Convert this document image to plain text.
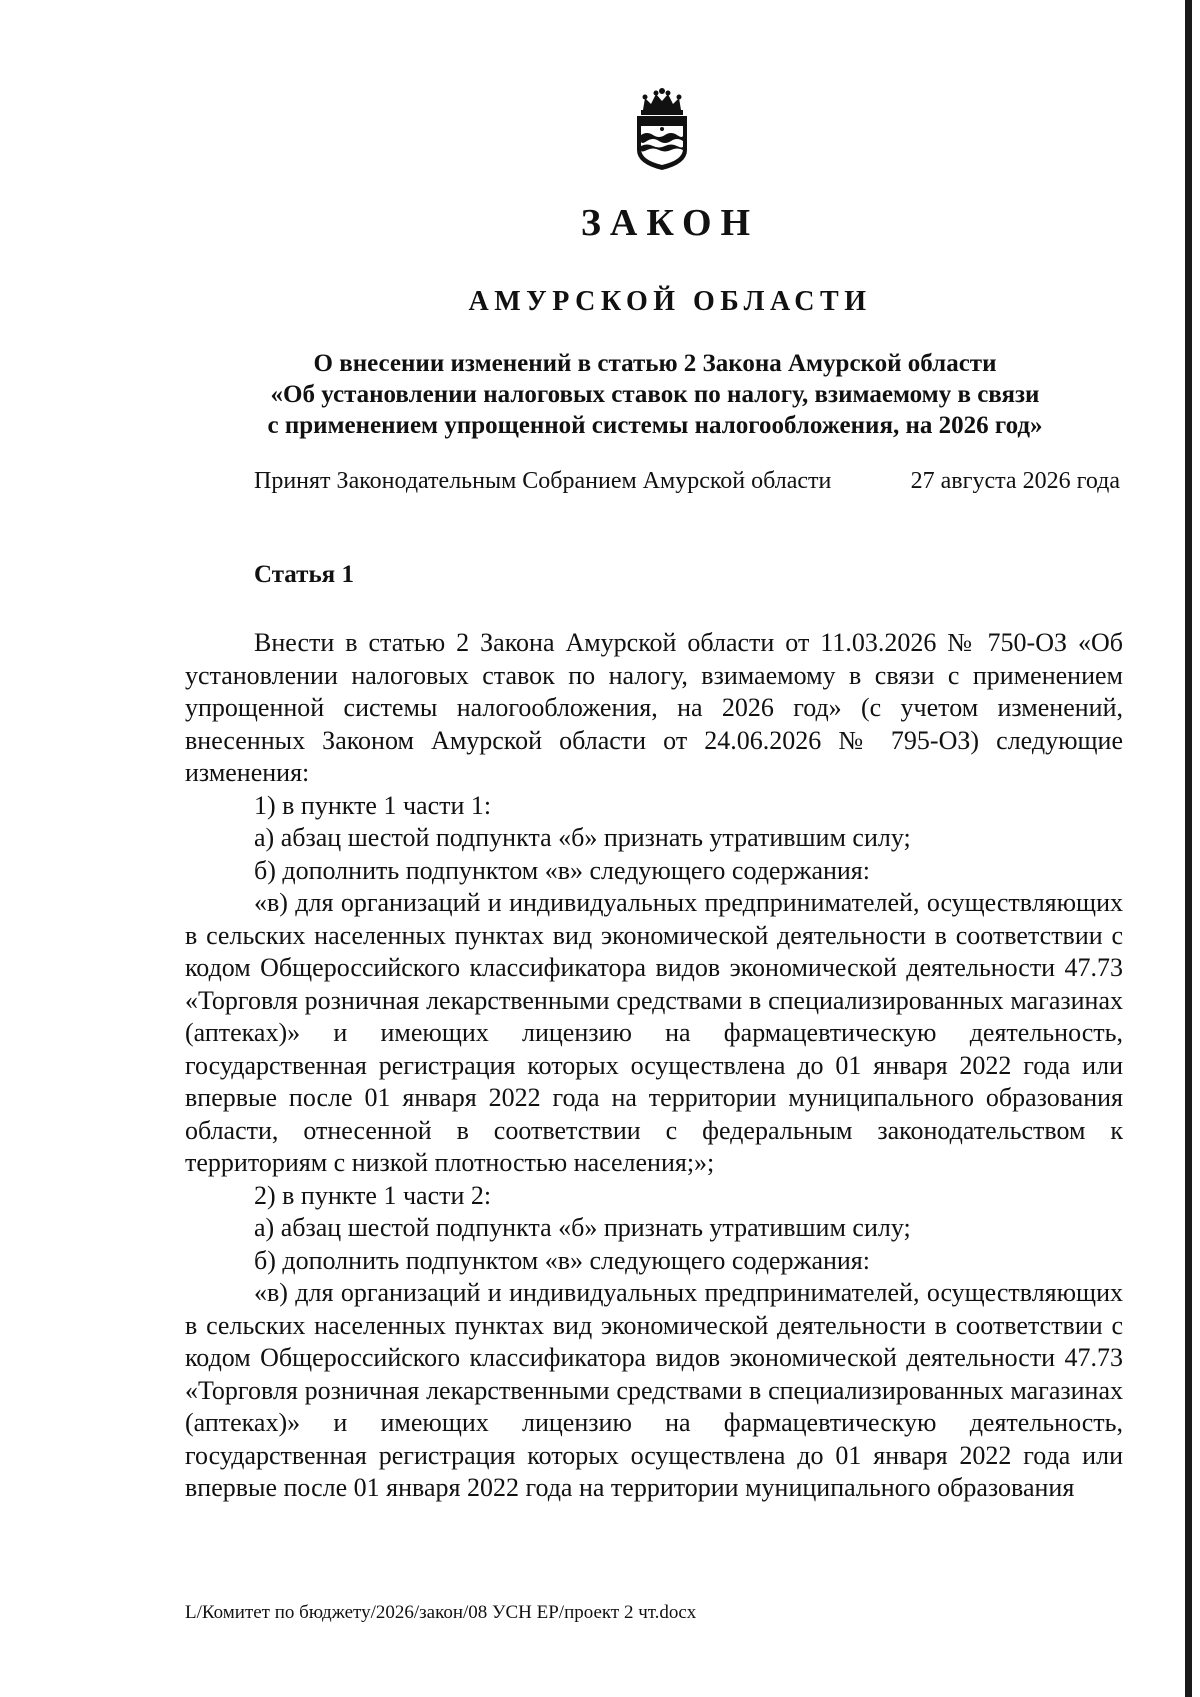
ЗАКОН
АМУРСКОЙ ОБЛАСТИ
О внесении изменений в статью 2 Закона Амурской области
«Об установлении налоговых ставок по налогу, взимаемому в связи
с применением упрощенной системы налогообложения, на 2026 год»
Принят Законодательным Собранием Амурской области	27 августа 2026 года
Статья 1

Внести в статью 2 Закона Амурской области от 11.03.2026 № 750-ОЗ «Об установлении налоговых ставок по налогу, взимаемому в связи с применением упрощенной системы налогообложения, на 2026 год» (с учетом изменений, внесенных Законом Амурской области от 24.06.2026 № 795-ОЗ) следующие изменения:

1) в пункте 1 части 1:

а) абзац шестой подпункта «б» признать утратившим силу;

б) дополнить подпунктом «в» следующего содержания:

«в) для организаций и индивидуальных предпринимателей, осуществляющих в сельских населенных пунктах вид экономической деятельности в соответствии с кодом Общероссийского классификатора видов экономической деятельности 47.73 «Торговля розничная лекарственными средствами в специализированных магазинах (аптеках)» и имеющих лицензию на фармацевтическую деятельность, государственная регистрация которых осуществлена до 01 января 2022 года или впервые после 01 января 2022 года на территории муниципального образования области, отнесенной в соответствии с федеральным законодательством к территориям с низкой плотностью населения;»;

2) в пункте 1 части 2:

а) абзац шестой подпункта «б» признать утратившим силу;

б) дополнить подпунктом «в» следующего содержания:

«в) для организаций и индивидуальных предпринимателей, осуществляющих в сельских населенных пунктах вид экономической деятельности в соответствии с кодом Общероссийского классификатора видов экономической деятельности 47.73 «Торговля розничная лекарственными средствами в специализированных магазинах (аптеках)» и имеющих лицензию на фармацевтическую деятельность, государственная регистрация которых осуществлена до 01 января 2022 года или впервые после 01 января 2022 года на территории муниципального образования

L/Комитет по бюджету/2026/закон/08 УСН ЕР/проект 2 чт.docx
